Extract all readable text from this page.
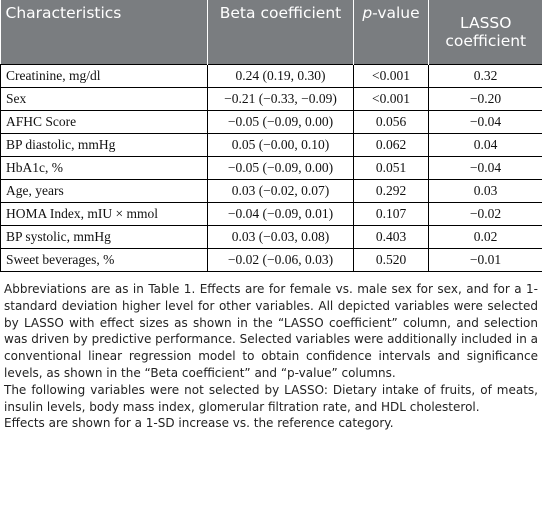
Characteristics	Beta coefficient	p-value	LASSO coefficient
Creatinine, mg/dl	0.24 (0.19, 0.30)	<0.001	0.32
Sex	−0.21 (−0.33, −0.09)	<0.001	−0.20
AFHC Score	−0.05 (−0.09, 0.00)	0.056	−0.04
BP diastolic, mmHg	0.05 (−0.00, 0.10)	0.062	0.04
HbA1c, %	−0.05 (−0.09, 0.00)	0.051	−0.04
Age, years	0.03 (−0.02, 0.07)	0.292	0.03
HOMA Index, mIU × mmol	−0.04 (−0.09, 0.01)	0.107	−0.02
BP systolic, mmHg	0.03 (−0.03, 0.08)	0.403	0.02
Sweet beverages, %	−0.02 (−0.06, 0.03)	0.520	−0.01

Abbreviations are as in Table 1. Effects are for female vs. male sex for sex, and for a 1-standard deviation higher level for other variables. All depicted variables were selected by LASSO with effect sizes as shown in the “LASSO coefficient” column, and selection was driven by predictive performance. Selected variables were additionally included in a conventional linear regression model to obtain confidence intervals and significance levels, as shown in the “Beta coefficient” and “p-value” columns.

The following variables were not selected by LASSO: Dietary intake of fruits, of meats, insulin levels, body mass index, glomerular filtration rate, and HDL cholesterol.

Effects are shown for a 1-SD increase vs. the reference category.
